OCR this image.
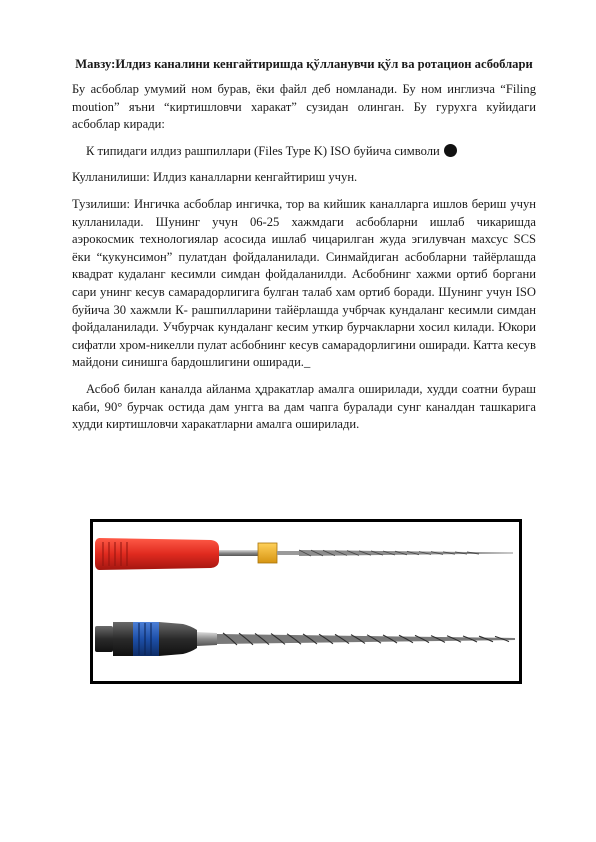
Мавзу:Илдиз каналини кенгайтиришда қўлланувчи қўл ва ротацион асбоблари

Бу асбоблар умумий ном бурав, ёки файл деб номланади. Бу ном инглизча “Filing moution” яъни “киртишловчи харакат” сузидан олинган. Бу гурухга куйидаги асбоблар киради:

К типидаги илдиз рашпиллари (Files Type K) ISO буйича символи

Кулланилиши: Илдиз каналларни кенгайтириш учун.

Тузилиши: Ингичка асбоблар ингичка, тор ва кийшик каналларга ишлов бериш учун кулланилади. Шунинг учун 06-25 хажмдаги асбобларни ишлаб чикаришда аэрокосмик технологиялар асосида ишлаб чицарилган жуда эгилувчан махсус SCS ёки “кукунсимон” пулатдан фойдаланилади. Синмайдиган асбобларни тайёрлашда квадрат кудаланг кесимли симдан фойдаланилди. Асбобнинг хажми ортиб боргани сари унинг кесув самарадорлигига булган талаб хам ортиб боради. Шунинг учун ISO буйича 30 хажмли К- рашпилларини тайёрлашда учбрчак кундаланг кесимли симдан фойдаланилади. Учбурчак кундаланг кесим уткир бурчакларни хосил килади. Юкори сифатли хром-никелли пулат асбобнинг кесув самарадорлигини оширади. Катта кесув майдони синишга бардошлигини оширади._

Асбоб билан каналда айланма ҳдракатлар амалга оширилади, худди соатни бураш каби, 90° бурчак остида дам унгга ва дам чапга буралади сунг каналдан ташкарига худди киртишловчи харакатларни амалга оширилади.
